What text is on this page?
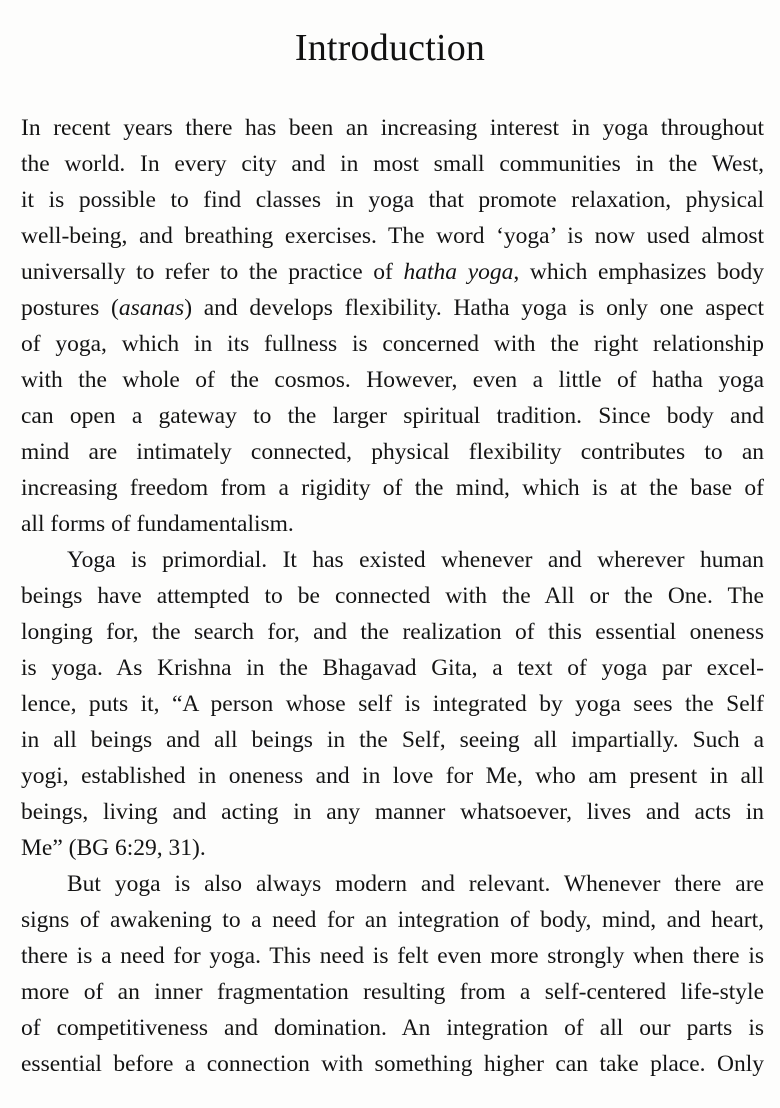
Introduction
In recent years there has been an increasing interest in yoga throughout
the world. In every city and in most small communities in the West,
it is possible to find classes in yoga that promote relaxation, physical
well-being, and breathing exercises. The word ‘yoga’ is now used almost
universally to refer to the practice of hatha yoga, which emphasizes body
postures (asanas) and develops flexibility. Hatha yoga is only one aspect
of yoga, which in its fullness is concerned with the right relationship
with the whole of the cosmos. However, even a little of hatha yoga
can open a gateway to the larger spiritual tradition. Since body and
mind are intimately connected, physical flexibility contributes to an
increasing freedom from a rigidity of the mind, which is at the base of
all forms of fundamentalism.
Yoga is primordial. It has existed whenever and wherever human
beings have attempted to be connected with the All or the One. The
longing for, the search for, and the realization of this essential oneness
is yoga. As Krishna in the Bhagavad Gita, a text of yoga par excel-
lence, puts it, “A person whose self is integrated by yoga sees the Self
in all beings and all beings in the Self, seeing all impartially. Such a
yogi, established in oneness and in love for Me, who am present in all
beings, living and acting in any manner whatsoever, lives and acts in
Me” (BG 6:29, 31).
But yoga is also always modern and relevant. Whenever there are
signs of awakening to a need for an integration of body, mind, and heart,
there is a need for yoga. This need is felt even more strongly when there is
more of an inner fragmentation resulting from a self-centered life-style
of competitiveness and domination. An integration of all our parts is
essential before a connection with something higher can take place. Only
